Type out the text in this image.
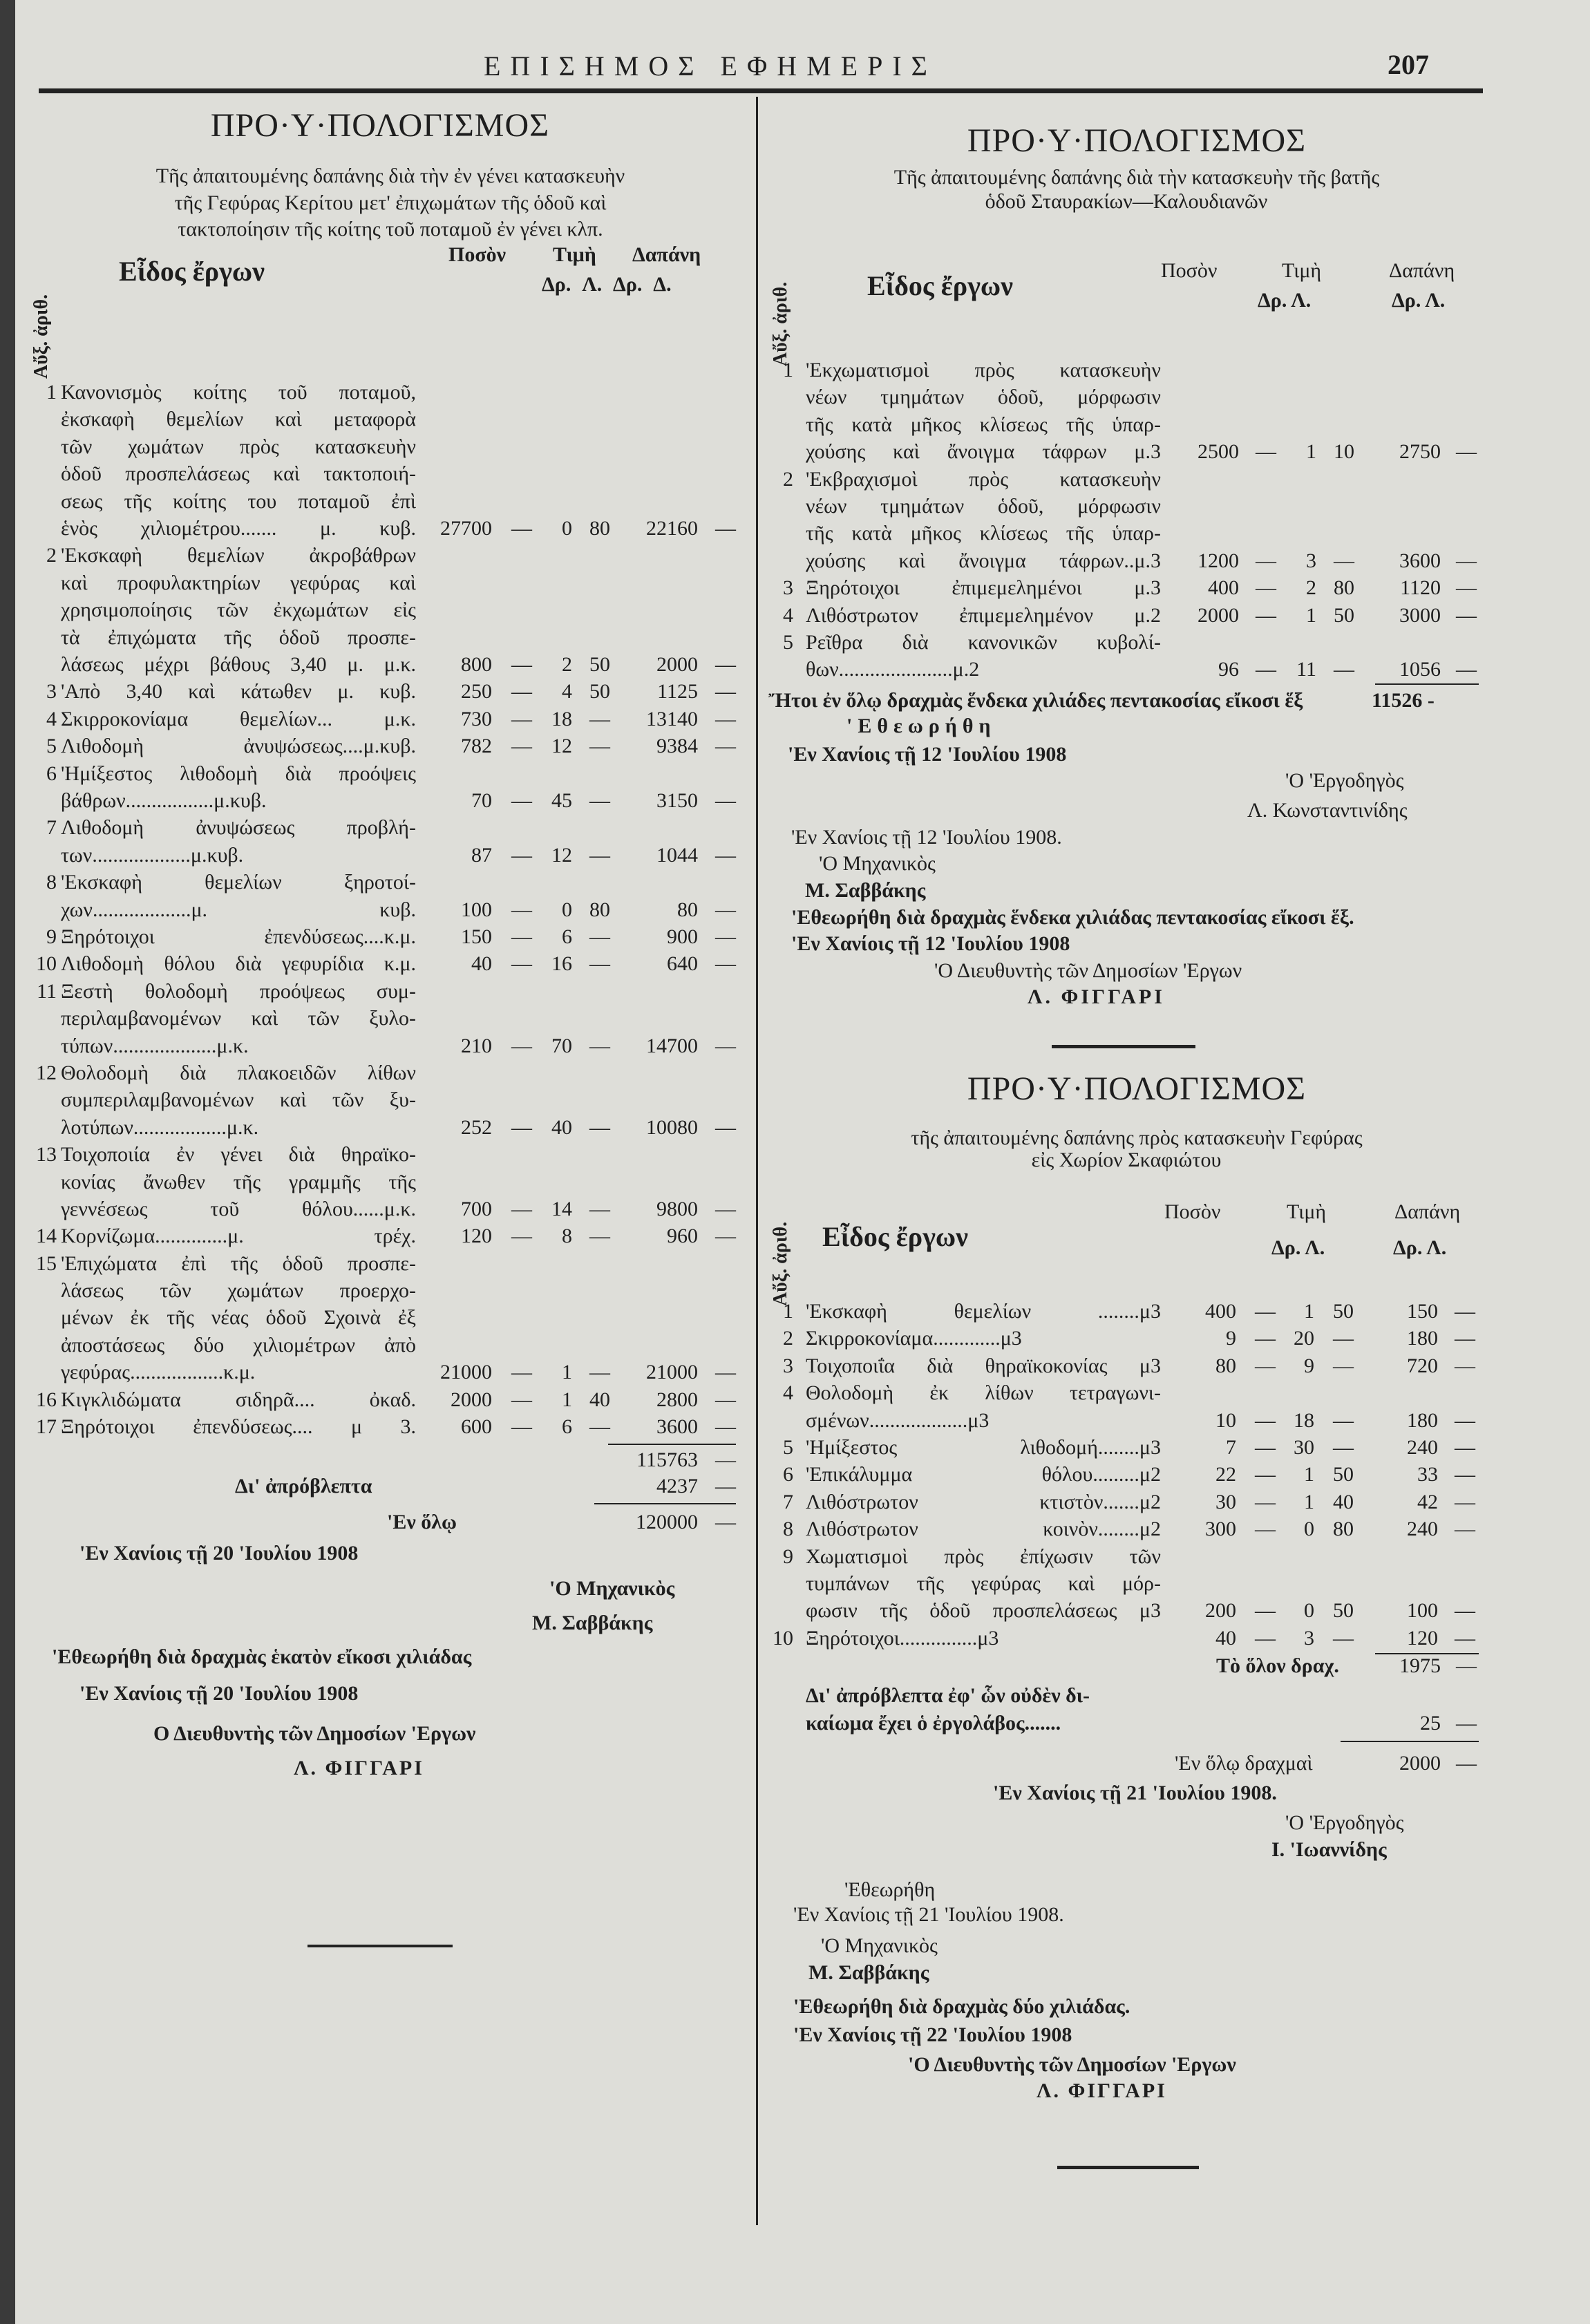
ΕΠΙΣΗΜΟΣ ΕΦΗΜΕΡΙΣ	207
ΠΡΟ·Υ·ΠΟΛΟΓΙΣΜΟΣ
Τῆς ἀπαιτουμένης δαπάνης διὰ τὴν ἐν γένει κατασκευὴν
τῆς Γεφύρας Κερίτου μετ' ἐπιχωμάτων τῆς ὁδοῦ καὶ
τακτοποίησιν τῆς κοίτης τοῦ ποταμοῦ ἐν γένει κλπ.
Αὔξ. ἀριθ.
Εἶδος ἔργων
Ποσὸν Τιμὴ Δαπάνη
Δρ. Λ. Δρ. Δ.
1 Κανονισμὸς κοίτης τοῦ ποταμοῦ,
ἐκσκαφὴ θεμελίων καὶ μεταφορὰ
τῶν χωμάτων πρὸς κατασκευὴν
ὁδοῦ προσπελάσεως καὶ τακτοποιή-
σεως τῆς κοίτης του ποταμοῦ ἐπὶ
ἑνὸς χιλιομέτρου....... μ. κυβ.	27700 —	0 80	22160 —
2 'Εκσκαφὴ θεμελίων ἀκροβάθρων
καὶ προφυλακτηρίων γεφύρας καὶ
χρησιμοποίησις τῶν ἐκχωμάτων εἰς
τὰ ἐπιχώματα τῆς ὁδοῦ προσπε-
λάσεως μέχρι βάθους 3,40 μ. μ.κ.	800 —	2 50	2000 —
3 'Απὸ 3,40 καὶ κάτωθεν μ. κυβ.	250 —	4 50	1125 —
4 Σκιρροκονίαμα θεμελίων... μ.κ.	730 — 18 —	13140 —
5 Λιθοδομὴ ἀνυψώσεως....μ.κυβ.	782 — 12 —	9384 —
6 'Ημίξεστος λιθοδομὴ διὰ προόψεις
βάθρων.................μ.κυβ.	70 — 45 —	3150 —
7 Λιθοδομὴ ἀνυψώσεως προβλή-
των...................μ.κυβ.	87 — 12 —	1044 —
8 'Εκσκαφὴ θεμελίων ξηροτοί-
χων...................μ. κυβ.	100 —	0 80	80 —
9 Ξηρότοιχοι ἐπενδύσεως....κ.μ.	150 —	6 —	900 —
10 Λιθοδομὴ θόλου διὰ γεφυρίδια κ.μ.	40 — 16 —	640 —
11 Ξεστὴ θολοδομὴ προόψεως συμ-
περιλαμβανομένων καὶ τῶν ξυλο-
τύπων....................μ.κ.	210 — 70 —	14700 —
12 Θολοδομὴ διὰ πλακοειδῶν λίθων
συμπεριλαμβανομένων καὶ τῶν ξυ-
λοτύπων..................μ.κ.	252 — 40 —	10080 —
13 Τοιχοποιία ἐν γένει διὰ θηραϊκο-
κονίας ἄνωθεν τῆς γραμμῆς τῆς
γεννέσεως τοῦ θόλου......μ.κ.	700 — 14 —	9800 —
14 Κορνίζωμα..............μ. τρέχ.	120 —	8 —	960 —
15 'Επιχώματα ἐπὶ τῆς ὁδοῦ προσπε-
λάσεως τῶν χωμάτων προερχο-
μένων ἐκ τῆς νέας ὁδοῦ Σχοινὰ ἐξ
ἀποστάσεως δύο χιλιομέτρων ἀπὸ
γεφύρας..................κ.μ.	21000 —	1 —	21000 —
16 Κιγκλιδώματα σιδηρᾶ.... ὀκαδ.	2000 —	1 40	2800 —
17 Ξηρότοιχοι ἐπενδύσεως.... μ 3.	600 —	6 —	3600 —
115763 —
Δι' ἀπρόβλεπτα	4237 —
'Εν ὅλῳ	120000 —
'Εν Χανίοις τῇ 20 'Ιουλίου 1908
'Ο Μηχανικὸς
Μ. Σαββάκης
'Εθεωρήθη διὰ δραχμὰς ἑκατὸν εἴκοσι χιλιάδας
'Εν Χανίοις τῇ 20 'Ιουλίου 1908
Ο Διευθυντὴς τῶν Δημοσίων 'Εργων
Λ. ΦΙΓΓΑΡΙ
ΠΡΟ·Υ·ΠΟΛΟΓΙΣΜΟΣ
Τῆς ἀπαιτουμένης δαπάνης διὰ τὴν κατασκευὴν τῆς βατῆς
ὁδοῦ Σταυρακίων—Καλουδιανῶν
Αὔξ. ἀριθ.	Εἶδος ἔργων	Ποσὸν	Τιμὴ	Δαπάνη
Δρ. Λ.	Δρ. Λ.
1 'Εκχωματισμοὶ πρὸς κατασκευὴν
νέων τμημάτων ὁδοῦ, μόρφωσιν
τῆς κατὰ μῆκος κλίσεως τῆς ὑπαρ-
χούσης καὶ ἄνοιγμα τάφρων μ.3	2500 —	1 10	2750 —
2 'Εκβραχισμοὶ πρὸς κατασκευὴν
νέων τμημάτων ὁδοῦ, μόρφωσιν
τῆς κατὰ μῆκος κλίσεως τῆς ὑπαρ-
χούσης καὶ ἄνοιγμα τάφρων..μ.3	1200 —	3 —	3600 —
3 Ξηρότοιχοι ἐπιμεμελημένοι μ.3	400 —	2 80	1120 —
4 Λιθόστρωτον ἐπιμεμελημένον μ.2	2000 —	1 50	3000 —
5 Ρεῖθρα διὰ κανονικῶν κυβολί-
θων......................μ.2	96 — 11 —	1056 —
Ἤτοι ἐν ὅλῳ δραχμὰς ἕνδεκα χιλιάδες πεντακοσίας εἴκοσι ἕξ	11526 -
'Εθεωρήθη
'Εν Χανίοις τῇ 12 'Ιουλίου 1908
'Ο 'Εργοδηγὸς
Λ. Κωνσταντινίδης
'Εν Χανίοις τῇ 12 'Ιουλίου 1908.
'Ο Μηχανικὸς
Μ. Σαββάκης
'Εθεωρήθη διὰ δραχμὰς ἕνδεκα χιλιάδας πεντακοσίας εἴκοσι ἕξ.
'Εν Χανίοις τῇ 12 'Ιουλίου 1908
'Ο Διευθυντὴς τῶν Δημοσίων 'Εργων
Λ. ΦΙΓΓΑΡΙ
ΠΡΟ·Υ·ΠΟΛΟΓΙΣΜΟΣ
τῆς ἀπαιτουμένης δαπάνης πρὸς κατασκευὴν Γεφύρας
εἰς Χωρίον Σκαφιώτου
Αὔξ. ἀριθ. Εἶδος ἔργων
Ποσὸν	Τιμὴ	Δαπάνη
Δρ. Λ.	Δρ. Λ.
1 'Εκσκαφὴ θεμελίων ........μ3	400 —	1 50	150 —
2 Σκιρροκονίαμα.............μ3	9 — 20 —	180 —
3 Τοιχοποιΐα διὰ θηραϊκοκονίας μ3	80 —	9 —	720 —
4 Θολοδομὴ ἐκ λίθων τετραγωνι-
σμένων...................μ3	10 — 18 —	180 —
5 'Ημίξεστος λιθοδομή........μ3	7 — 30 —	240 —
6 'Επικάλυμμα θόλου.........μ2	22 —	1 50	33 —
7 Λιθόστρωτον κτιστὸν.......μ2	30 —	1 40	42 —
8 Λιθόστρωτον κοινὸν........μ2	300 —	0 80	240 —
9 Χωματισμοὶ πρὸς ἐπίχωσιν τῶν
τυμπάνων τῆς γεφύρας καὶ μόρ-
φωσιν τῆς ὁδοῦ προσπελάσεως μ3	200 —	0 50	100 —
10 Ξηρότοιχοι...............μ3	40 —	3 —	120 —
Τὸ ὅλον δραχ.	1975 —
Δι' ἀπρόβλεπτα ἐφ' ὧν οὐδὲν δι-
καίωμα ἔχει ὁ ἐργολάβος.......	25 —
'Εν ὅλῳ δραχμαὶ	2000 —
'Εν Χανίοις τῇ 21 'Ιουλίου 1908.
'Ο 'Εργοδηγὸς
Ι. 'Ιωαννίδης
'Εθεωρήθη
'Εν Χανίοις τῇ 21 'Ιουλίου 1908.
'Ο Μηχανικὸς
Μ. Σαββάκης
'Εθεωρήθη διὰ δραχμὰς δύο χιλιάδας.
'Εν Χανίοις τῇ 22 'Ιουλίου 1908
'Ο Διευθυντὴς τῶν Δημοσίων 'Εργων
Λ. ΦΙΓΓΑΡΙ
